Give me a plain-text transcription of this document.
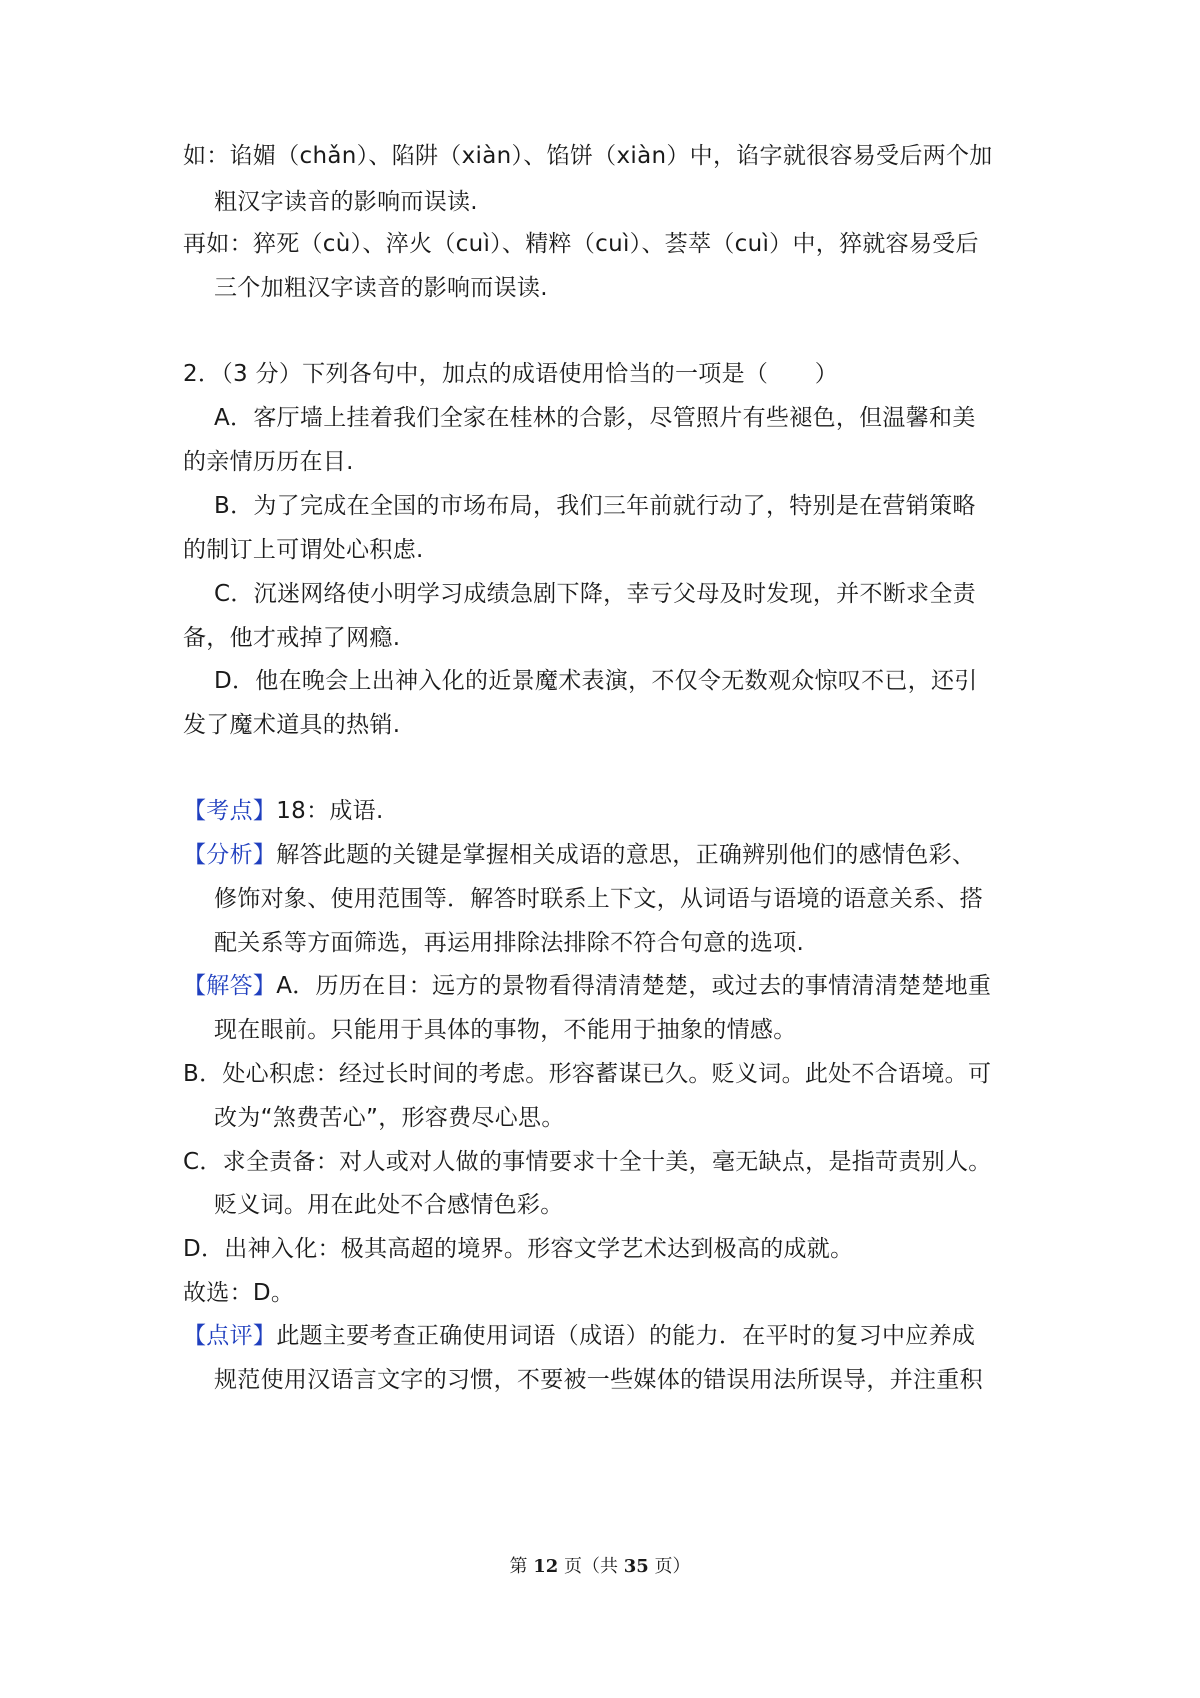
如：谄媚（chǎn）、陷阱（xiàn）、馅饼（xiàn）中，谄字就很容易受后两个加
粗汉字读音的影响而误读.
再如：猝死（cù）、淬火（cuì）、精粹（cuì）、荟萃（cuì）中，猝就容易受后
三个加粗汉字读音的影响而误读.
2．（3 分）下列各句中，加点的成语使用恰当的一项是（　　）
A．客厅墙上挂着我们全家在桂林的合影，尽管照片有些褪色，但温馨和美
的亲情历历在目.
B．为了完成在全国的市场布局，我们三年前就行动了，特别是在营销策略
的制订上可谓处心积虑.
C．沉迷网络使小明学习成绩急剧下降，幸亏父母及时发现，并不断求全责
备，他才戒掉了网瘾.
D．他在晚会上出神入化的近景魔术表演，不仅令无数观众惊叹不已，还引
发了魔术道具的热销.
【考点】18：成语.
【分析】解答此题的关键是掌握相关成语的意思，正确辨别他们的感情色彩、
修饰对象、使用范围等．解答时联系上下文，从词语与语境的语意关系、搭
配关系等方面筛选，再运用排除法排除不符合句意的选项.
【解答】A．历历在目：远方的景物看得清清楚楚，或过去的事情清清楚楚地重
现在眼前。只能用于具体的事物，不能用于抽象的情感。
B．处心积虑：经过长时间的考虑。形容蓄谋已久。贬义词。此处不合语境。可
改为“煞费苦心”，形容费尽心思。
C．求全责备：对人或对人做的事情要求十全十美，毫无缺点，是指苛责别人。
贬义词。用在此处不合感情色彩。
D．出神入化：极其高超的境界。形容文学艺术达到极高的成就。
故选：D。
【点评】此题主要考查正确使用词语（成语）的能力．在平时的复习中应养成
规范使用汉语言文字的习惯，不要被一些媒体的错误用法所误导，并注重积
第 12 页（共 35 页）
